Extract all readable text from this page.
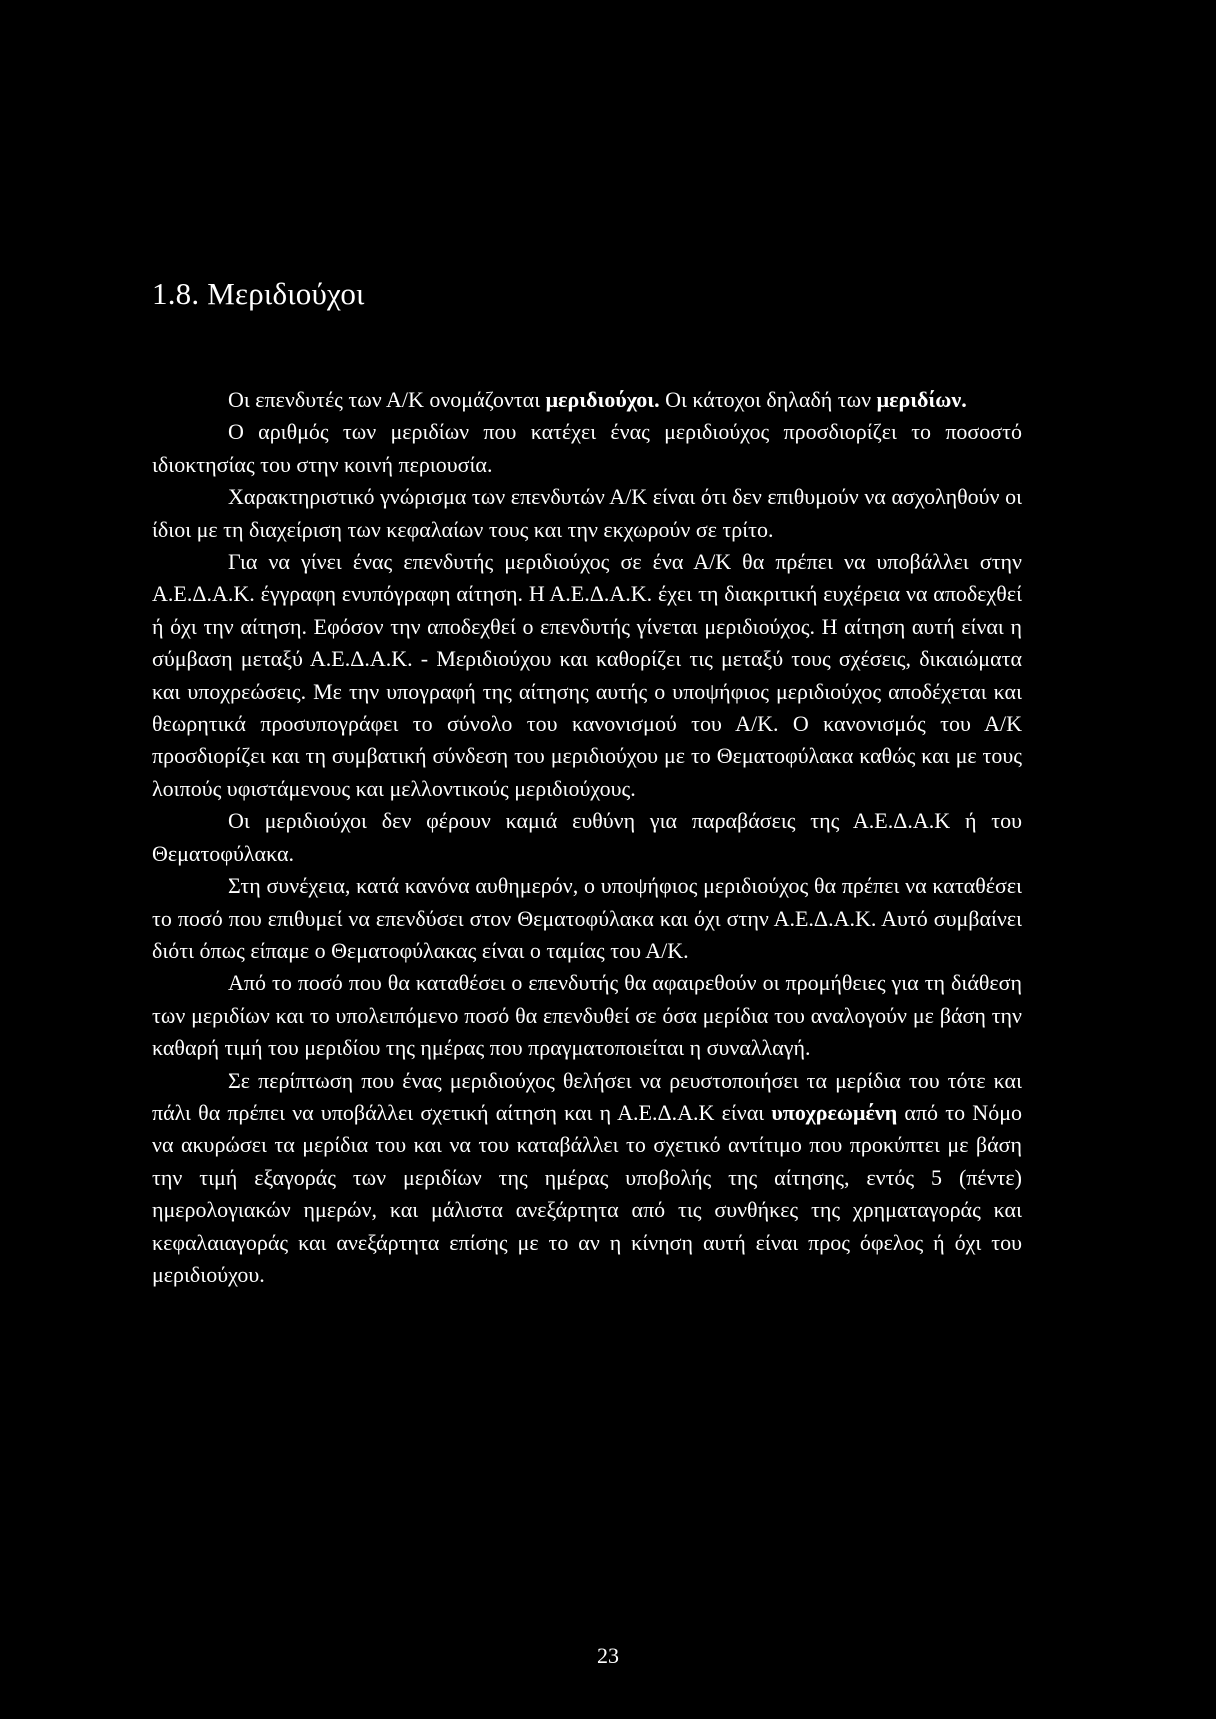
1.8. Μεριδιούχοι

Οι επενδυτές των Α/Κ ονομάζονται μεριδιούχοι. Οι κάτοχοι δηλαδή των μεριδίων.

Ο αριθμός των μεριδίων που κατέχει ένας μεριδιούχος προσδιορίζει το ποσοστό ιδιοκτησίας του στην κοινή περιουσία.

Χαρακτηριστικό γνώρισμα των επενδυτών Α/Κ είναι ότι δεν επιθυμούν να ασχοληθούν οι ίδιοι με τη διαχείριση των κεφαλαίων τους και την εκχωρούν σε τρίτο.

Για να γίνει ένας επενδυτής μεριδιούχος σε ένα Α/Κ θα πρέπει να υποβάλλει στην Α.Ε.Δ.Α.Κ. έγγραφη ενυπόγραφη αίτηση. Η Α.Ε.Δ.Α.Κ. έχει τη διακριτική ευχέρεια να αποδεχθεί ή όχι την αίτηση. Εφόσον την αποδεχθεί ο επενδυτής γίνεται μεριδιούχος. Η αίτηση αυτή είναι η σύμβαση μεταξύ Α.Ε.Δ.Α.Κ. - Μεριδιούχου και καθορίζει τις μεταξύ τους σχέσεις, δικαιώματα και υποχρεώσεις. Με την υπογραφή της αίτησης αυτής ο υποψήφιος μεριδιούχος αποδέχεται και θεωρητικά προσυπογράφει το σύνολο του κανονισμού του Α/Κ. Ο κανονισμός του Α/Κ προσδιορίζει και τη συμβατική σύνδεση του μεριδιούχου με το Θεματοφύλακα καθώς και με τους λοιπούς υφιστάμενους και μελλοντικούς μεριδιούχους.

Οι μεριδιούχοι δεν φέρουν καμιά ευθύνη για παραβάσεις της Α.Ε.Δ.Α.Κ ή του Θεματοφύλακα.

Στη συνέχεια, κατά κανόνα αυθημερόν, ο υποψήφιος μεριδιούχος θα πρέπει να καταθέσει το ποσό που επιθυμεί να επενδύσει στον Θεματοφύλακα και όχι στην Α.Ε.Δ.Α.Κ. Αυτό συμβαίνει διότι όπως είπαμε ο Θεματοφύλακας είναι ο ταμίας του Α/Κ.

Από το ποσό που θα καταθέσει ο επενδυτής θα αφαιρεθούν οι προμήθειες για τη διάθεση των μεριδίων και το υπολειπόμενο ποσό θα επενδυθεί σε όσα μερίδια του αναλογούν με βάση την καθαρή τιμή του μεριδίου της ημέρας που πραγματοποιείται η συναλλαγή.

Σε περίπτωση που ένας μεριδιούχος θελήσει να ρευστοποιήσει τα μερίδια του τότε και πάλι θα πρέπει να υποβάλλει σχετική αίτηση και η Α.Ε.Δ.Α.Κ είναι υποχρεωμένη από το Νόμο να ακυρώσει τα μερίδια του και να του καταβάλλει το σχετικό αντίτιμο που προκύπτει με βάση την τιμή εξαγοράς των μεριδίων της ημέρας υποβολής της αίτησης, εντός 5 (πέντε) ημερολογιακών ημερών, και μάλιστα ανεξάρτητα από τις συνθήκες της χρηματαγοράς και κεφαλαιαγοράς και ανεξάρτητα επίσης με το αν η κίνηση αυτή είναι προς όφελος ή όχι του μεριδιούχου.

23
